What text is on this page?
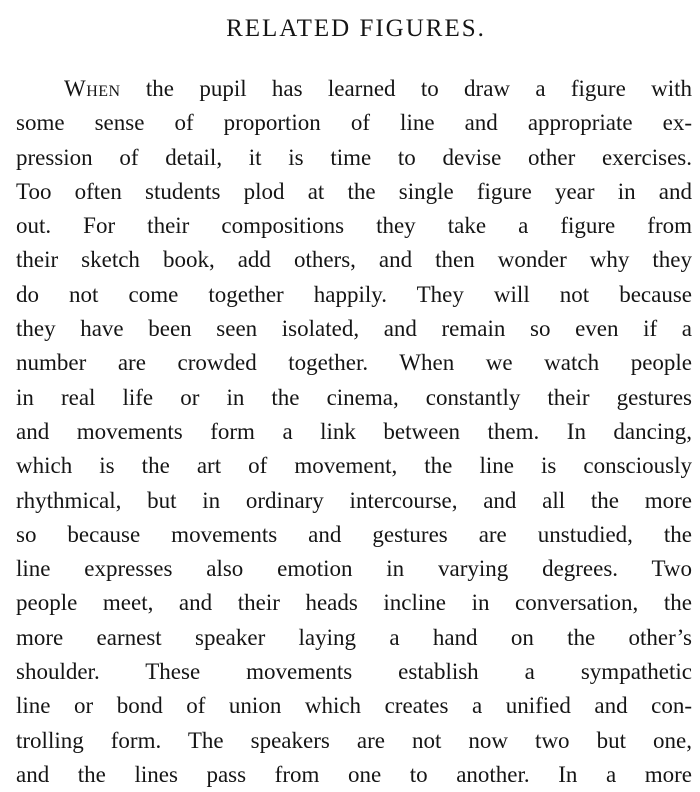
RELATED FIGURES.
When the pupil has learned to draw a figure with
some sense of proportion of line and appropriate ex-
pression of detail, it is time to devise other exercises.
Too often students plod at the single figure year in and
out. For their compositions they take a figure from
their sketch book, add others, and then wonder why they
do not come together happily. They will not because
they have been seen isolated, and remain so even if a
number are crowded together. When we watch people
in real life or in the cinema, constantly their gestures
and movements form a link between them. In dancing,
which is the art of movement, the line is consciously
rhythmical, but in ordinary intercourse, and all the more
so because movements and gestures are unstudied, the
line expresses also emotion in varying degrees. Two
people meet, and their heads incline in conversation, the
more earnest speaker laying a hand on the other’s
shoulder. These movements establish a sympathetic
line or bond of union which creates a unified and con-
trolling form. The speakers are not now two but one,
and the lines pass from one to another. In a more
